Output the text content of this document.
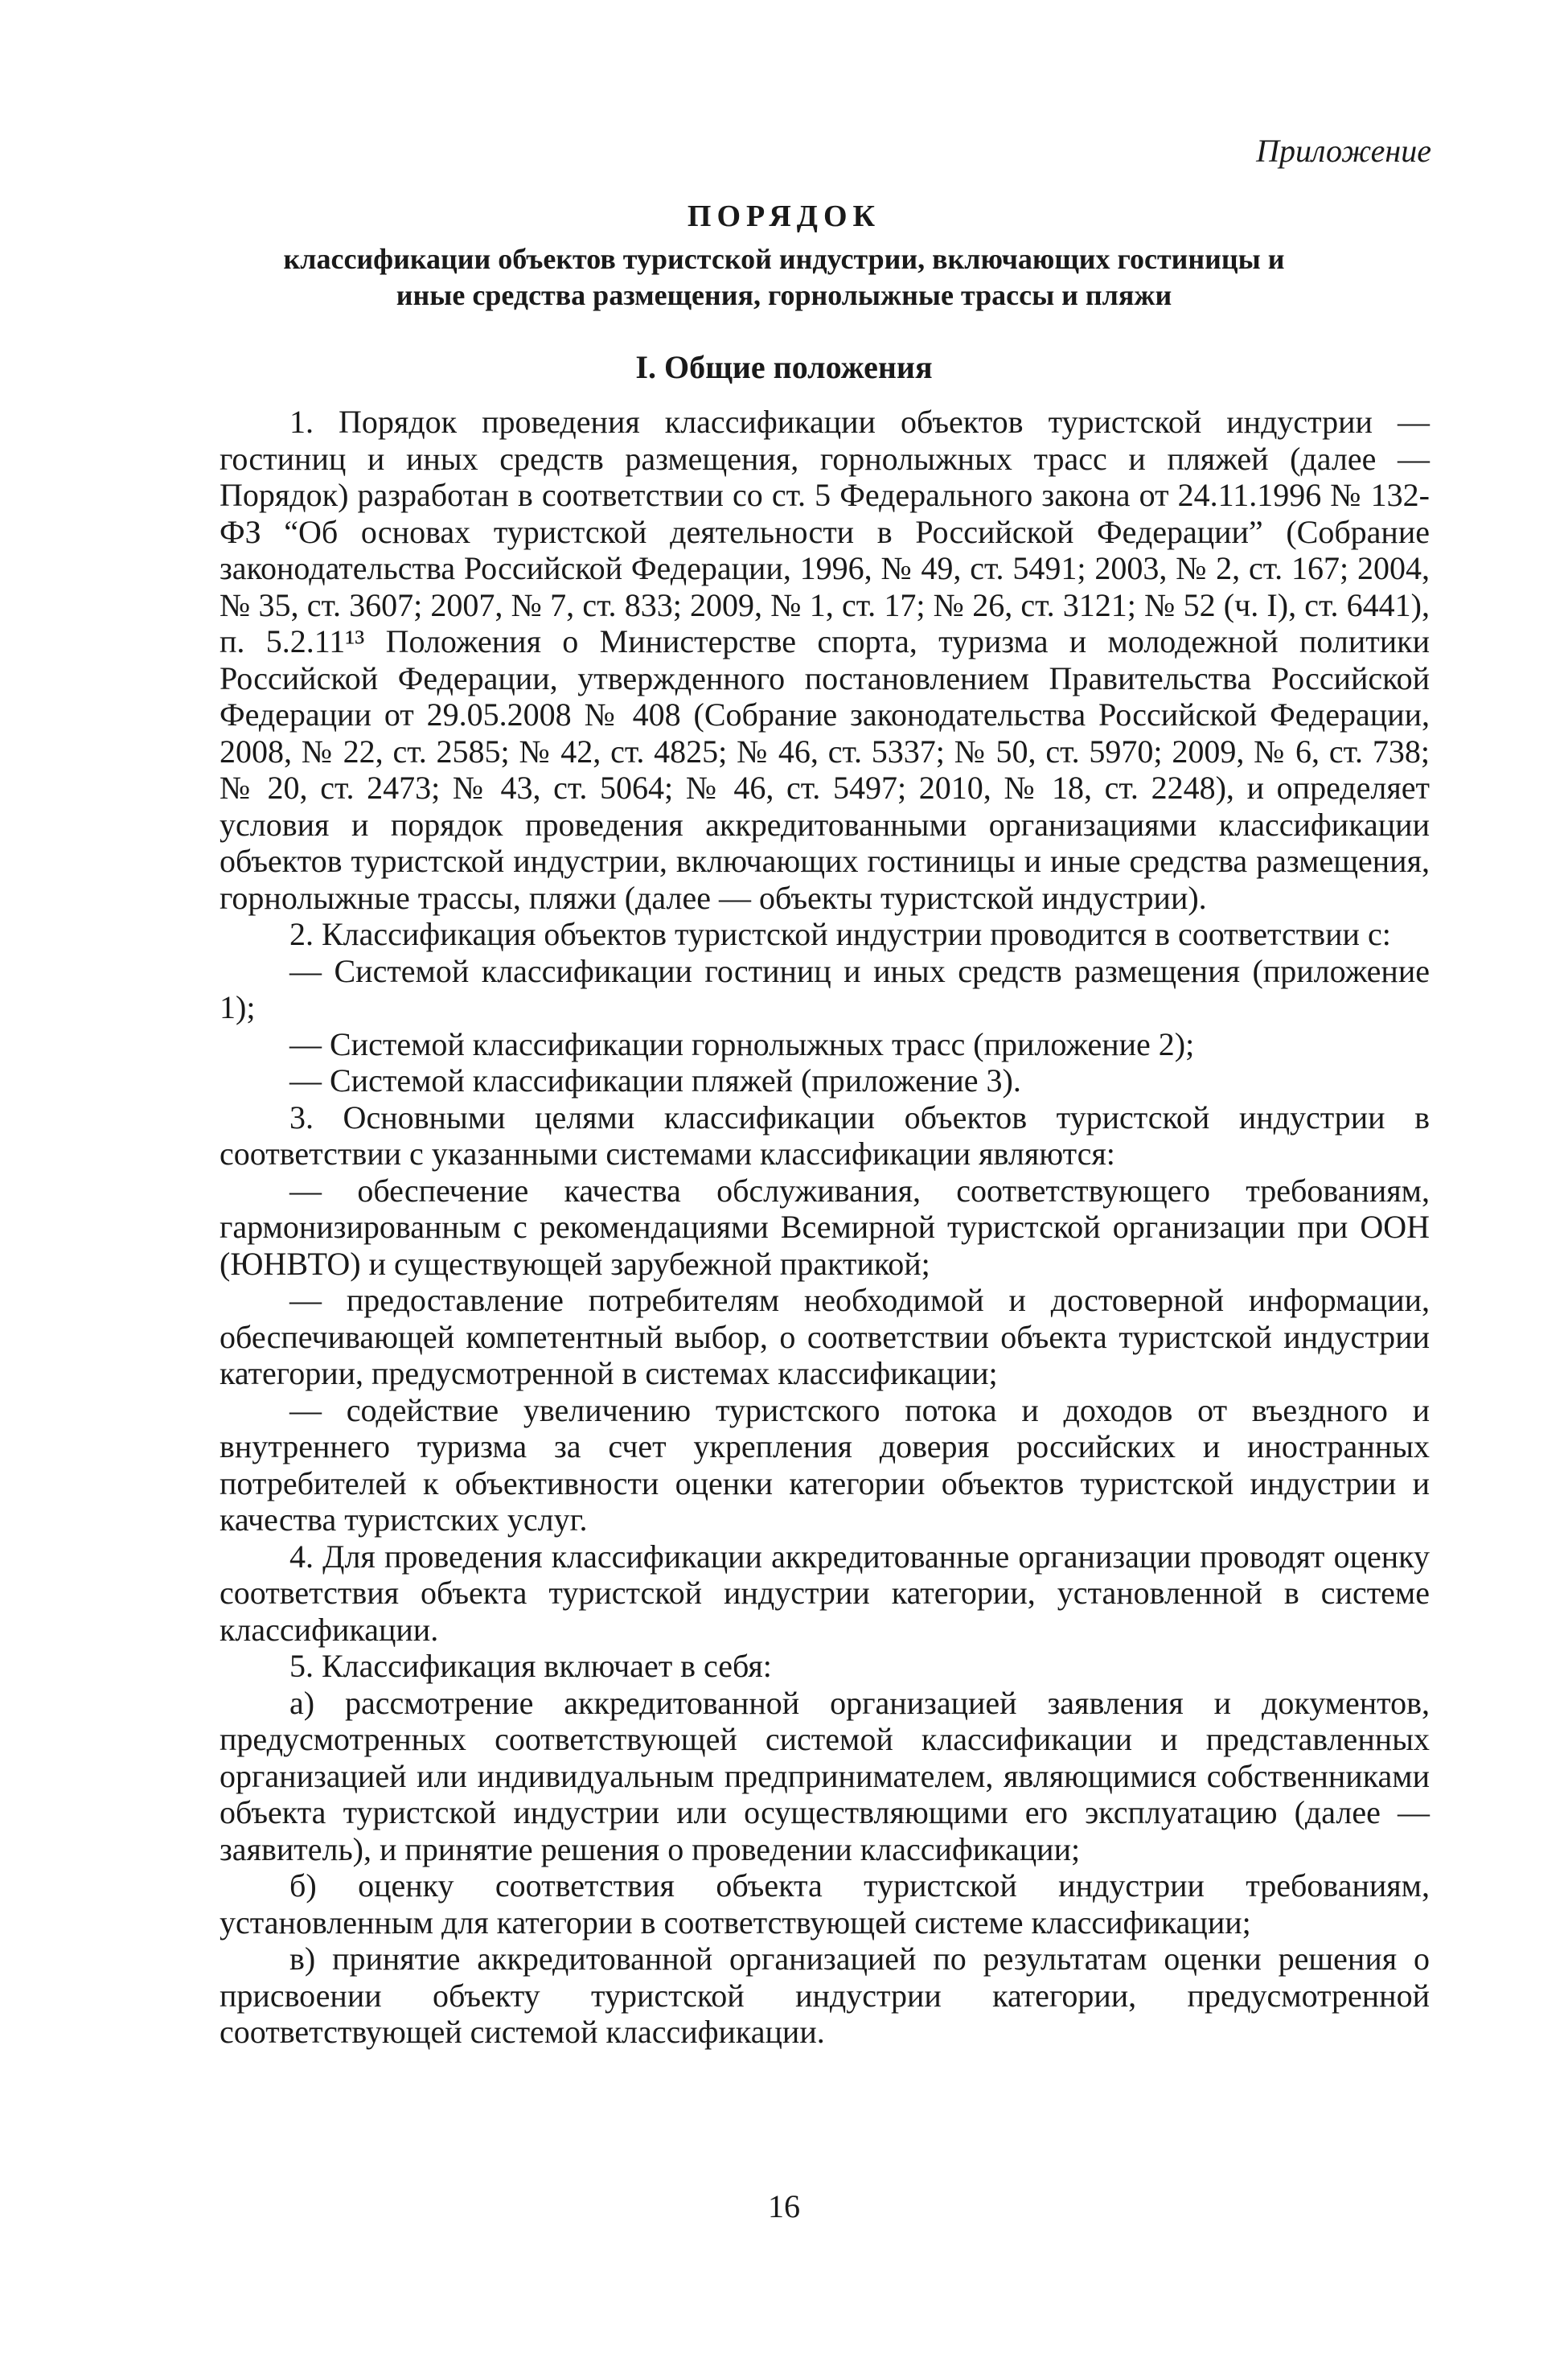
Приложение
ПОРЯДОК
классификации объектов туристской индустрии, включающих гостиницы и иные средства размещения, горнолыжные трассы и пляжи
I. Общие положения

1. Порядок проведения классификации объектов туристской индустрии — гостиниц и иных средств размещения, горнолыжных трасс и пляжей (далее — Порядок) разработан в соответствии со ст. 5 Федерального закона от 24.11.1996 № 132-ФЗ “Об основах туристской деятельности в Российской Федерации” (Собрание законодательства Российской Федерации, 1996, № 49, ст. 5491; 2003, № 2, ст. 167; 2004, № 35, ст. 3607; 2007, № 7, ст. 833; 2009, № 1, ст. 17; № 26, ст. 3121; № 52 (ч. I), ст. 6441), п. 5.2.11¹³ Положения о Министерстве спорта, туризма и молодежной политики Российской Федерации, утвержденного постановлением Правительства Российской Федерации от 29.05.2008 № 408 (Собрание законодательства Российской Федерации, 2008, № 22, ст. 2585; № 42, ст. 4825; № 46, ст. 5337; № 50, ст. 5970; 2009, № 6, ст. 738; № 20, ст. 2473; № 43, ст. 5064; № 46, ст. 5497; 2010, № 18, ст. 2248), и определяет условия и порядок проведения аккредитованными организациями классификации объектов туристской индустрии, включающих гостиницы и иные средства размещения, горнолыжные трассы, пляжи (далее — объекты туристской индустрии).

2. Классификация объектов туристской индустрии проводится в соответствии с:

— Системой классификации гостиниц и иных средств размещения (приложение 1);

— Системой классификации горнолыжных трасс (приложение 2);

— Системой классификации пляжей (приложение 3).

3. Основными целями классификации объектов туристской индустрии в соответствии с указанными системами классификации являются:

— обеспечение качества обслуживания, соответствующего требованиям, гармонизированным с рекомендациями Всемирной туристской организации при ООН (ЮНВТО) и существующей зарубежной практикой;

— предоставление потребителям необходимой и достоверной информации, обеспечивающей компетентный выбор, о соответствии объекта туристской индустрии категории, предусмотренной в системах классификации;

— содействие увеличению туристского потока и доходов от въездного и внутреннего туризма за счет укрепления доверия российских и иностранных потребителей к объективности оценки категории объектов туристской индустрии и качества туристских услуг.

4. Для проведения классификации аккредитованные организации проводят оценку соответствия объекта туристской индустрии категории, установленной в системе классификации.

5. Классификация включает в себя:

а) рассмотрение аккредитованной организацией заявления и документов, предусмотренных соответствующей системой классификации и представленных организацией или индивидуальным предпринимателем, являющимися собственниками объекта туристской индустрии или осуществляющими его эксплуатацию (далее — заявитель), и принятие решения о проведении классификации;

б) оценку соответствия объекта туристской индустрии требованиям, установленным для категории в соответствующей системе классификации;

в) принятие аккредитованной организацией по результатам оценки решения о присвоении объекту туристской индустрии категории, предусмотренной соответствующей системой классификации.

16
